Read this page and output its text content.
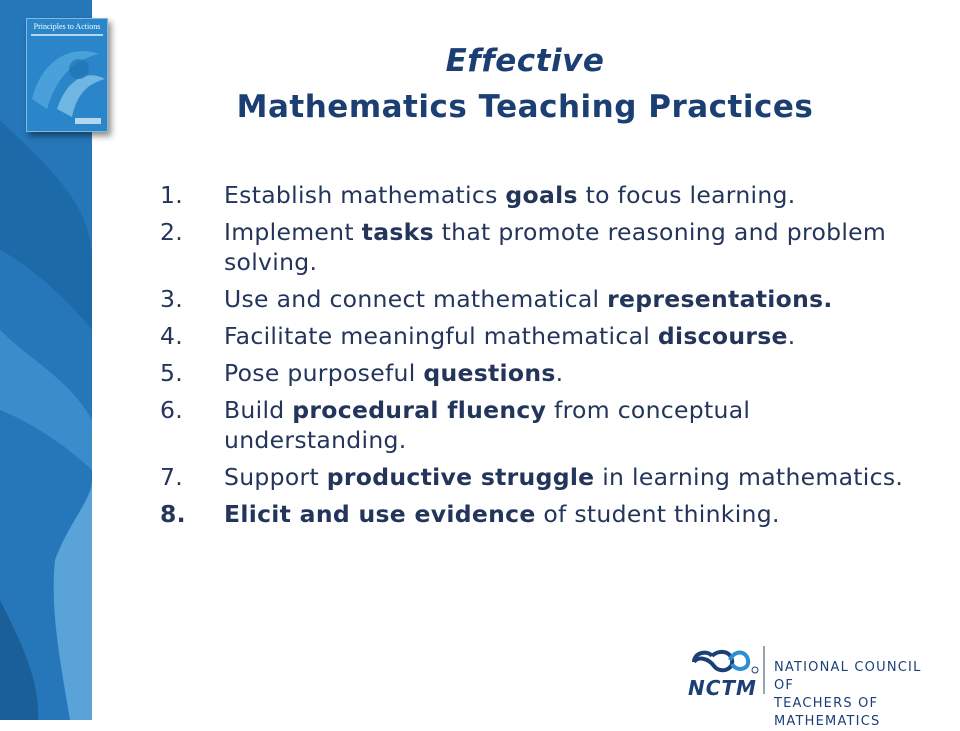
Principles to Actions
Effective
Mathematics Teaching Practices
1. Establish mathematics goals to focus learning.
2. Implement tasks that promote reasoning and problem solving.
3. Use and connect mathematical representations.
4. Facilitate meaningful mathematical discourse.
5. Pose purposeful questions.
6. Build procedural fluency from conceptual understanding.
7. Support productive struggle in learning mathematics.
8. Elicit and use evidence of student thinking.
NCTM
NATIONAL COUNCIL OF
TEACHERS OF MATHEMATICS
